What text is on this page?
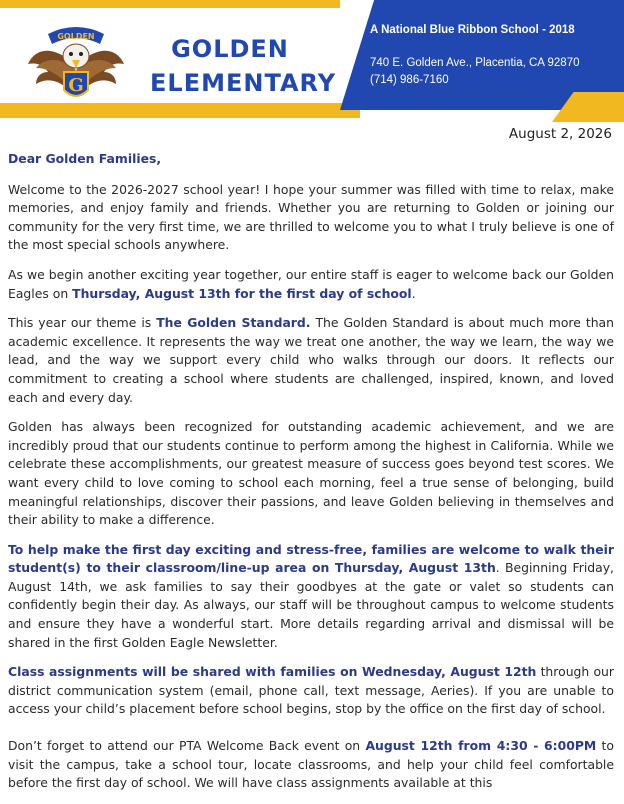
GOLDEN
G
GOLDEN
ELEMENTARY
A National Blue Ribbon School - 2018
740 E. Golden Ave., Placentia, CA 92870
(714) 986-7160
August 2, 2026
Dear Golden Families,

Welcome to the 2026-2027 school year! I hope your summer was filled with time to relax, make memories, and enjoy family and friends. Whether you are returning to Golden or joining our community for the very first time, we are thrilled to welcome you to what I truly believe is one of the most special schools anywhere.

As we begin another exciting year together, our entire staff is eager to welcome back our Golden Eagles on Thursday, August 13th for the first day of school.

This year our theme is The Golden Standard. The Golden Standard is about much more than academic excellence. It represents the way we treat one another, the way we learn, the way we lead, and the way we support every child who walks through our doors. It reflects our commitment to creating a school where students are challenged, inspired, known, and loved each and every day.

Golden has always been recognized for outstanding academic achievement, and we are incredibly proud that our students continue to perform among the highest in California. While we celebrate these accomplishments, our greatest measure of success goes beyond test scores. We want every child to love coming to school each morning, feel a true sense of belonging, build meaningful relationships, discover their passions, and leave Golden believing in themselves and their ability to make a difference.

To help make the first day exciting and stress-free, families are welcome to walk their student(s) to their classroom/line-up area on Thursday, August 13th. Beginning Friday, August 14th, we ask families to say their goodbyes at the gate or valet so students can confidently begin their day. As always, our staff will be throughout campus to welcome students and ensure they have a wonderful start. More details regarding arrival and dismissal will be shared in the first Golden Eagle Newsletter.

Class assignments will be shared with families on Wednesday, August 12th through our district communication system (email, phone call, text message, Aeries). If you are unable to access your child’s placement before school begins, stop by the office on the first day of school.

Don’t forget to attend our PTA Welcome Back event on August 12th from 4:30 - 6:00PM to visit the campus, take a school tour, locate classrooms, and help your child feel comfortable before the first day of school. We will have class assignments available at this
